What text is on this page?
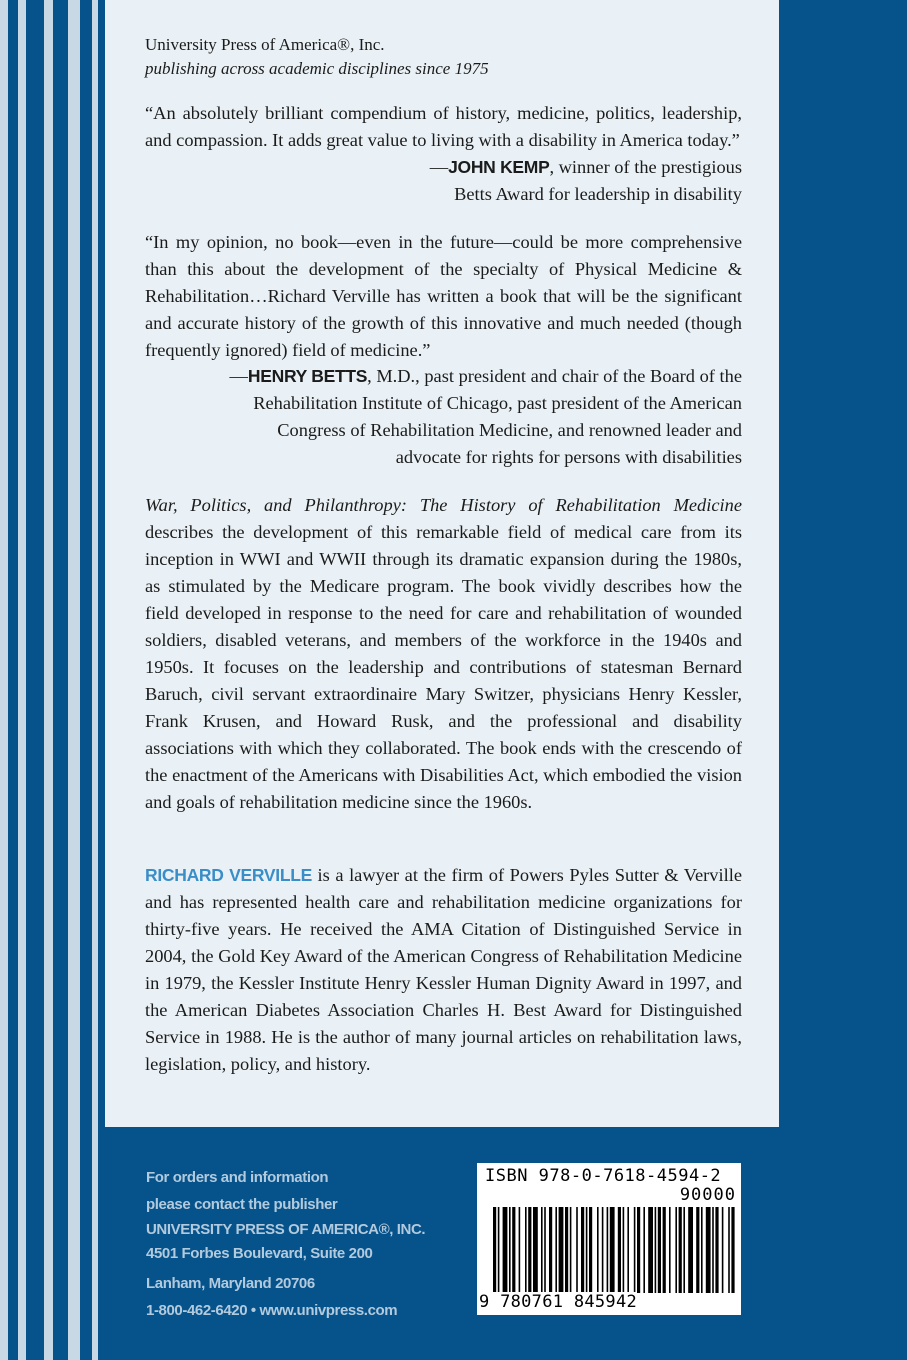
University Press of America®, Inc.
publishing across academic disciplines since 1975
“An absolutely brilliant compendium of history, medicine, politics, leadership, and compassion. It adds great value to living with a disability in America today.”
—JOHN KEMP, winner of the prestigious
Betts Award for leadership in disability
“In my opinion, no book—even in the future—could be more comprehensive than this about the development of the specialty of Physical Medicine & Rehabilitation…Richard Verville has written a book that will be the significant and accurate history of the growth of this innovative and much needed (though frequently ignored) field of medicine.”
—HENRY BETTS, M.D., past president and chair of the Board of the
Rehabilitation Institute of Chicago, past president of the American
Congress of Rehabilitation Medicine, and renowned leader and
advocate for rights for persons with disabilities
War, Politics, and Philanthropy: The History of Rehabilitation Medicine describes the development of this remarkable field of medical care from its inception in WWI and WWII through its dramatic expansion during the 1980s, as stimulated by the Medicare program. The book vividly describes how the field developed in response to the need for care and rehabilitation of wounded soldiers, disabled veterans, and members of the workforce in the 1940s and 1950s. It focuses on the leadership and contributions of statesman Bernard Baruch, civil servant extraordinaire Mary Switzer, physicians Henry Kessler, Frank Krusen, and Howard Rusk, and the professional and disability associations with which they collaborated. The book ends with the crescendo of the enactment of the Americans with Disabilities Act, which embodied the vision and goals of rehabilitation medicine since the 1960s.
RICHARD VERVILLE is a lawyer at the firm of Powers Pyles Sutter & Verville and has represented health care and rehabilitation medicine organizations for thirty-five years. He received the AMA Citation of Distinguished Service in 2004, the Gold Key Award of the American Congress of Rehabilitation Medicine in 1979, the Kessler Institute Henry Kessler Human Dignity Award in 1997, and the American Diabetes Association Charles H. Best Award for Distinguished Service in 1988. He is the author of many journal articles on rehabilitation laws, legislation, policy, and history.
For orders and information
please contact the publisher
UNIVERSITY PRESS OF AMERICA®, INC.
4501 Forbes Boulevard, Suite 200
Lanham, Maryland 20706
1-800-462-6420 • www.univpress.com
ISBN 978-0-7618-4594-2
90000
9 780761 845942
